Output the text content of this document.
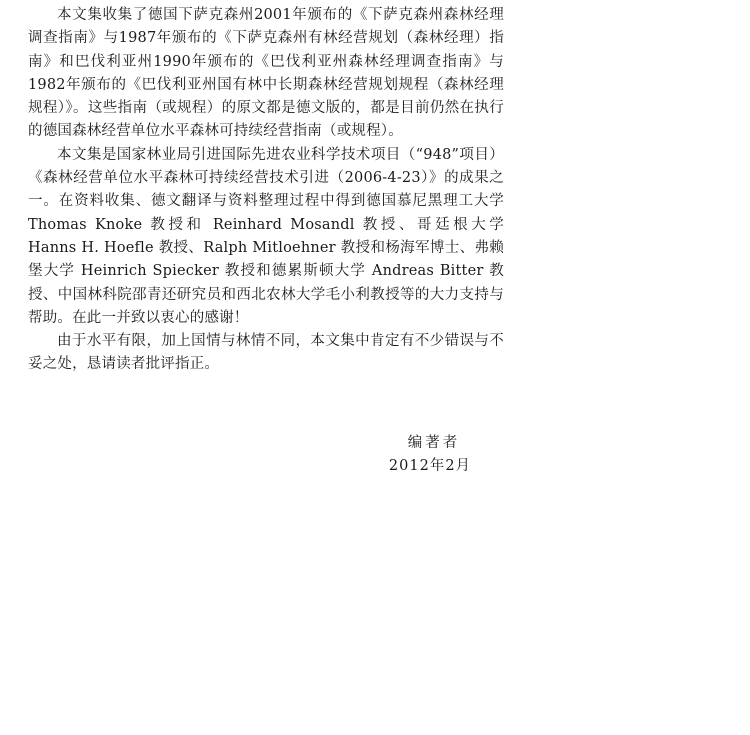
本文集收集了德国下萨克森州2001年颁布的《下萨克森州森林经理调查指南》与1987年颁布的《下萨克森州有林经营规划（森林经理）指南》和巴伐利亚州1990年颁布的《巴伐利亚州森林经理调查指南》与1982年颁布的《巴伐利亚州国有林中长期森林经营规划规程（森林经理规程）》。这些指南（或规程）的原文都是德文版的，都是目前仍然在执行的德国森林经营单位水平森林可持续经营指南（或规程）。

本文集是国家林业局引进国际先进农业科学技术项目（“948”项目）《森林经营单位水平森林可持续经营技术引进（2006-4-23）》的成果之一。在资料收集、德文翻译与资料整理过程中得到德国慕尼黑理工大学 Thomas Knoke 教授和 Reinhard Mosandl 教授、哥廷根大学 Hanns H. Hoefle 教授、Ralph Mitloehner 教授和杨海军博士、弗赖堡大学 Heinrich Spiecker 教授和德累斯顿大学 Andreas Bitter 教授、中国林科院邵青还研究员和西北农林大学毛小利教授等的大力支持与帮助。在此一并致以衷心的感谢！

由于水平有限，加上国情与林情不同，本文集中肯定有不少错误与不妥之处，恳请读者批评指正。

编著者
2012年2月
